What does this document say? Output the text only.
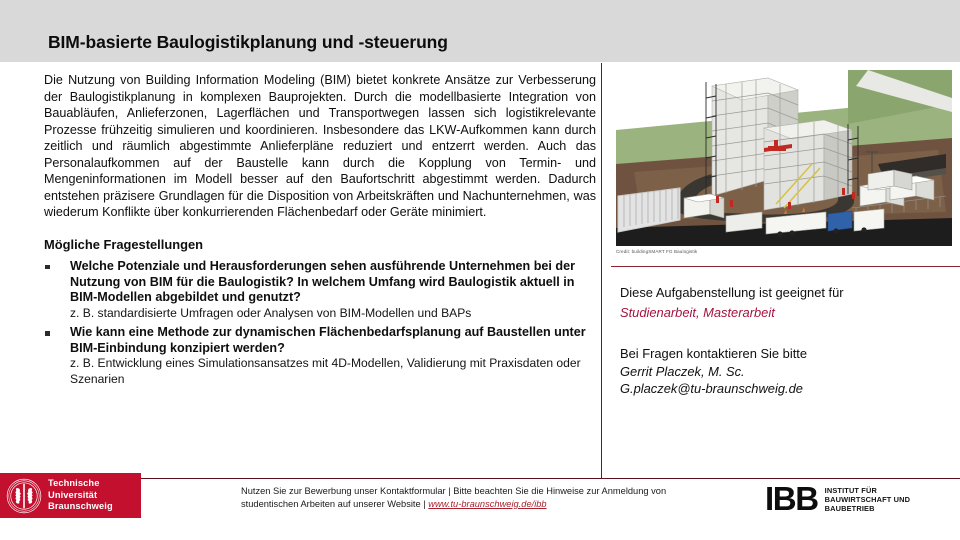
BIM-basierte Baulogistikplanung und -steuerung

Die Nutzung von Building Information Modeling (BIM) bietet konkrete Ansätze zur Verbesserung der Baulogistikplanung in komplexen Bauprojekten. Durch die modellbasierte Integration von Bauabläufen, Anlieferzonen, Lagerflächen und Transportwegen lassen sich logistikrelevante Prozesse frühzeitig simulieren und koordinieren. Insbesondere das LKW-Aufkommen kann durch zeitlich und räumlich abgestimmte Anlieferpläne reduziert und entzerrt werden. Auch das Personalaufkommen auf der Baustelle kann durch die Kopplung von Termin- und Mengeninformationen im Modell besser auf den Baufortschritt abgestimmt werden. Dadurch entstehen präzisere Grundlagen für die Disposition von Arbeitskräften und Nachunternehmen, was wiederum Konflikte über konkurrierenden Flächenbedarf oder Geräte minimiert.

Mögliche Fragestellungen
Welche Potenziale und Herausforderungen sehen ausführende Unternehmen bei der Nutzung von BIM für die Baulogistik? In welchem Umfang wird Baulogistik aktuell in BIM-Modellen abgebildet und genutzt?
z. B. standardisierte Umfragen oder Analysen von BIM-Modellen und BAPs
Wie kann eine Methode zur dynamischen Flächenbedarfsplanung auf Baustellen unter BIM-Einbindung konzipiert werden?
z. B. Entwicklung eines Simulationsansatzes mit 4D-Modellen, Validierung mit Praxisdaten oder Szenarien
Credit: buildingSMART FG Baulogistik
Diese Aufgabenstellung ist geeignet für
Studienarbeit, Masterarbeit
Bei Fragen kontaktieren Sie bitte
Gerrit Placzek, M. Sc.
G.placzek@tu-braunschweig.de
Technische
Universität
Braunschweig
Nutzen Sie zur Bewerbung unser Kontaktformular | Bitte beachten Sie die Hinweise zur Anmeldung von
studentischen Arbeiten auf unserer Website | www.tu-braunschweig.de/ibb	IBB INSTITUT FÜR
BAUWIRTSCHAFT UND
BAUBETRIEB
